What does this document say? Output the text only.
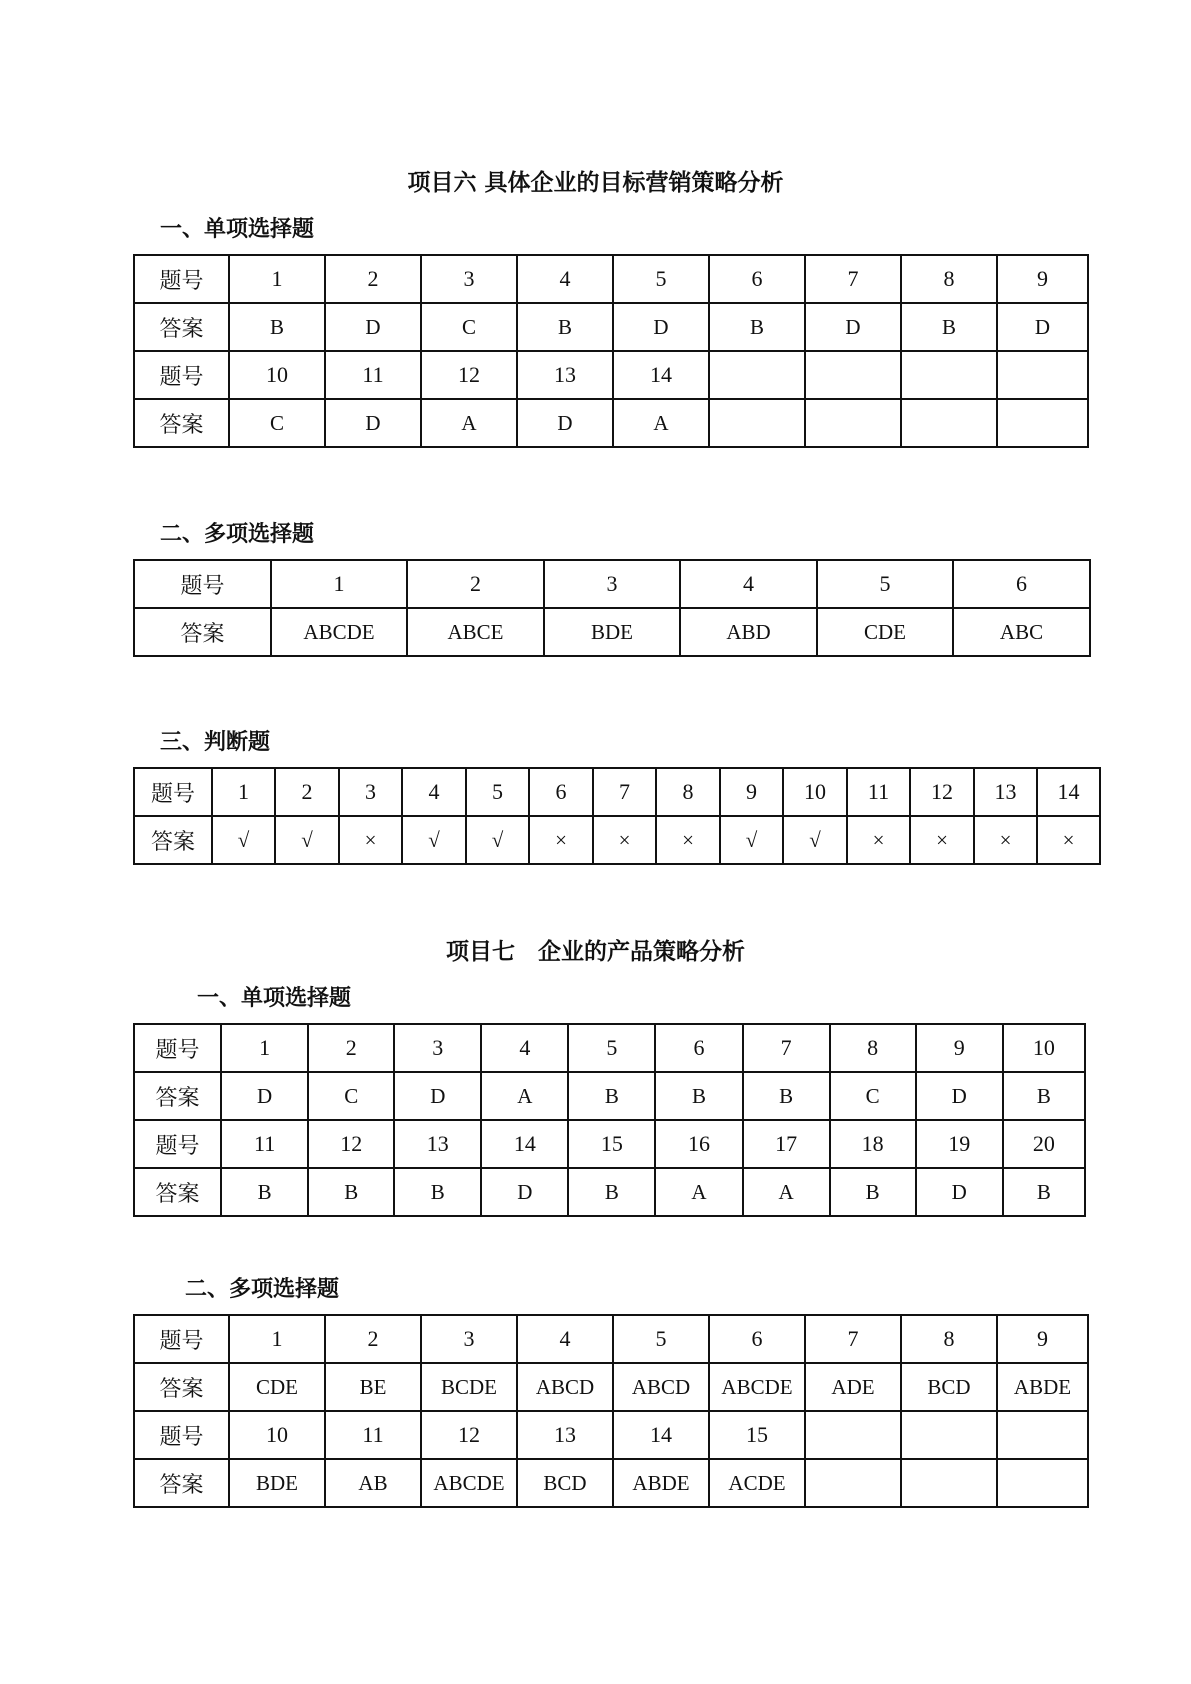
项目六 具体企业的目标营销策略分析
一、单项选择题
题号	1	2	3	4	5	6	7	8	9
答案	B	D	C	B	D	B	D	B	D
题号	10	11	12	13	14				
答案	C	D	A	D	A				
二、多项选择题
题号	1	2	3	4	5	6
答案	ABCDE	ABCE	BDE	ABD	CDE	ABC
三、判断题
题号	1	2	3	4	5	6	7	8	9	10	11	12	13	14
答案	√	√	×	√	√	×	×	×	√	√	×	×	×	×
项目七　企业的产品策略分析
一、单项选择题
题号	1	2	3	4	5	6	7	8	9	10
答案	D	C	D	A	B	B	B	C	D	B
题号	11	12	13	14	15	16	17	18	19	20
答案	B	B	B	D	B	A	A	B	D	B
二、多项选择题
题号	1	2	3	4	5	6	7	8	9
答案	CDE	BE	BCDE	ABCD	ABCD	ABCDE	ADE	BCD	ABDE
题号	10	11	12	13	14	15			
答案	BDE	AB	ABCDE	BCD	ABDE	ACDE			
